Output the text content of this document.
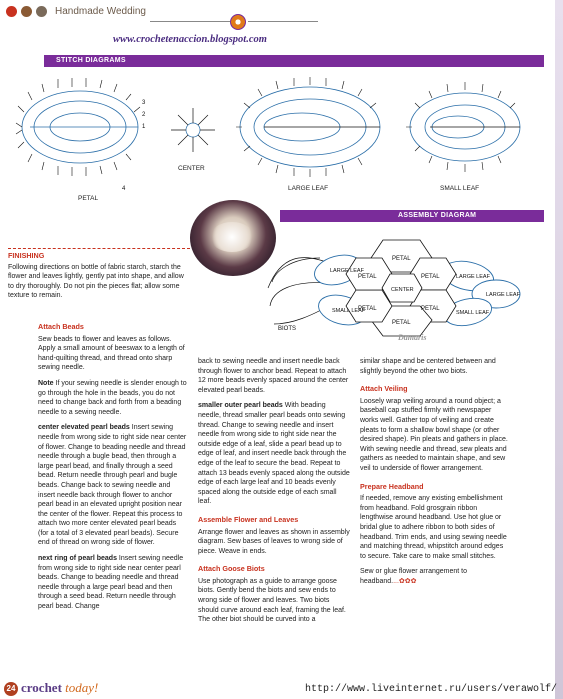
Handmade Wedding
www.crochetenaccion.blogspot.com
STITCH DIAGRAMS
3
2
1
4
PETAL
CENTER
LARGE LEAF	SMALL LEAF
ASSEMBLY DIAGRAM
PETAL
PETAL
PETAL
PETAL
PETAL
PETAL
CENTER
LARGE LEAF
SMALL LEAF
LARGE LEAF
LARGE LEAF
SMALL LEAF
BIOTS
Damaris
FINISHING

Following directions on bottle of fabric starch, starch the flower and leaves lightly, gently pat into shape, and allow to dry thoroughly. Do not pin the pieces flat; allow some texture to remain.

Attach Beads

Sew beads to flower and leaves as follows. Apply a small amount of beeswax to a length of hand-quilting thread, and thread onto sharp sewing needle.

Note If your sewing needle is slender enough to go through the hole in the beads, you do not need to change back and forth from a beading needle to a sewing needle.

center elevated pearl beads Insert sewing needle from wrong side to right side near center of flower. Change to beading needle and thread needle through a bugle bead, then through a large pearl bead, and finally through a seed bead. Return needle through pearl and bugle beads. Change back to sewing needle and insert needle back through flower to anchor pearl bead in an elevated upright position near the center of the flower. Repeat this process to attach two more center elevated pearl beads (for a total of 3 elevated pearl beads). Secure end of thread on wrong side of flower.

next ring of pearl beads Insert sewing needle from wrong side to right side near center pearl beads. Change to beading needle and thread needle through a large pearl bead and then through a seed bead. Return needle through pearl bead. Change

back to sewing needle and insert needle back through flower to anchor bead. Repeat to attach 12 more beads evenly spaced around the center elevated pearl beads.

smaller outer pearl beads With beading needle, thread smaller pearl beads onto sewing thread. Change to sewing needle and insert needle from wrong side to right side near the outside edge of a leaf, slide a pearl bead up to edge of leaf, and insert needle back through the edge of the leaf to secure the bead. Repeat to attach 13 beads evenly spaced along the outside edge of each large leaf and 10 beads evenly spaced along the outside edge of each small leaf.

Assemble Flower and Leaves

Arrange flower and leaves as shown in assembly diagram. Sew bases of leaves to wrong side of piece. Weave in ends.

Attach Goose Biots

Use photograph as a guide to arrange goose biots. Gently bend the biots and sew ends to wrong side of flower and leaves. Two biots should curve around each leaf, framing the leaf. The other biot should be curved into a

similar shape and be centered between and slightly beyond the other two biots.

Attach Veiling

Loosely wrap veiling around a round object; a baseball cap stuffed firmly with newspaper works well. Gather top of veiling and create pleats to form a shallow bowl shape (or other desired shape). Pin pleats and gathers in place. With sewing needle and thread, sew pleats and gathers as needed to maintain shape, and sew veil to underside of flower arrangement.

Prepare Headband

If needed, remove any existing embellishment from headband. Fold grosgrain ribbon lengthwise around headband. Use hot glue or bridal glue to adhere ribbon to both sides of headband. Trim ends, and using sewing needle and matching thread, whipstitch around edges to secure. Take care to make small stitches.

Sew or glue flower arrangement to headband....✿✿✿

24 crochet today!	http://www.liveinternet.ru/users/verawolf/
